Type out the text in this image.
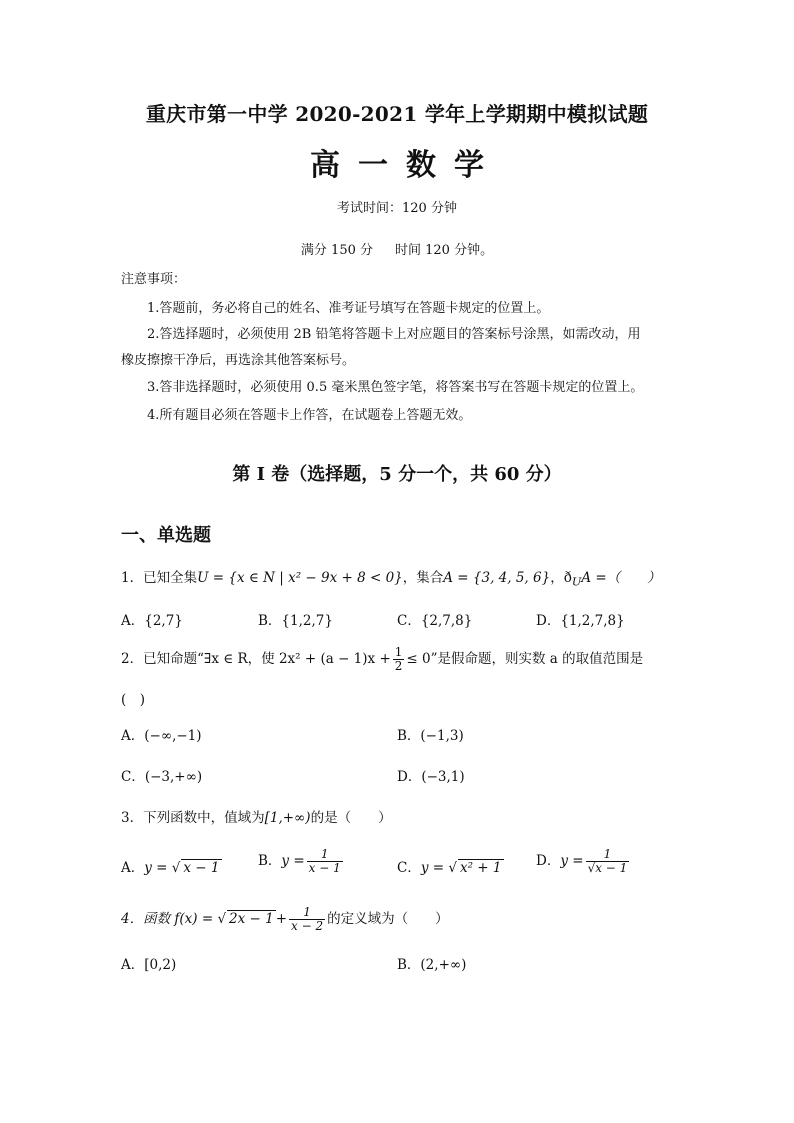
重庆市第一中学 2020-2021 学年上学期期中模拟试题
高一数学
考试时间：120 分钟
满分 150 分 时间 120 分钟。
注意事项：
1.答题前，务必将自己的姓名、准考证号填写在答题卡规定的位置上。
2.答选择题时，必须使用 2B 铅笔将答题卡上对应题目的答案标号涂黑，如需改动，用
橡皮擦擦干净后，再选涂其他答案标号。
3.答非选择题时，必须使用 0.5 毫米黑色签字笔，将答案书写在答题卡规定的位置上。
4.所有题目必须在答题卡上作答，在试题卷上答题无效。
第 I 卷（选择题，5 分一个，共 60 分）
一、单选题
1．已知全集U = {x ∈ N | x² − 9x + 8 < 0}，集合A = {3, 4, 5, 6}，$ð_UA$ =（　　）
A．{2,7}	B．{1,2,7}	C．{2,7,8}	D．{1,2,7,8}
2．已知命题“∃x ∈ R，使 $2x^2 + (a - 1)x + \frac{1}{2} \le 0$”是假命题，则实数 a 的取值范围是
(　)
A．(−∞,−1)	B．(−1,3)
C．(−3,+∞)	D．(−3,1)
3．下列函数中，值域为[1,+∞)的是（　　）
A．y = √ x − 1	B．$y = \frac{1}{x - 1}$	C．y = √ x² + 1	D．$y = \frac{1}{√x - 1}$
4．函数 f(x) = √ $2x - 1 + \frac{1}{x - 2}$ 的定义域为（　　）
A．[0,2)	B．(2,+∞)
